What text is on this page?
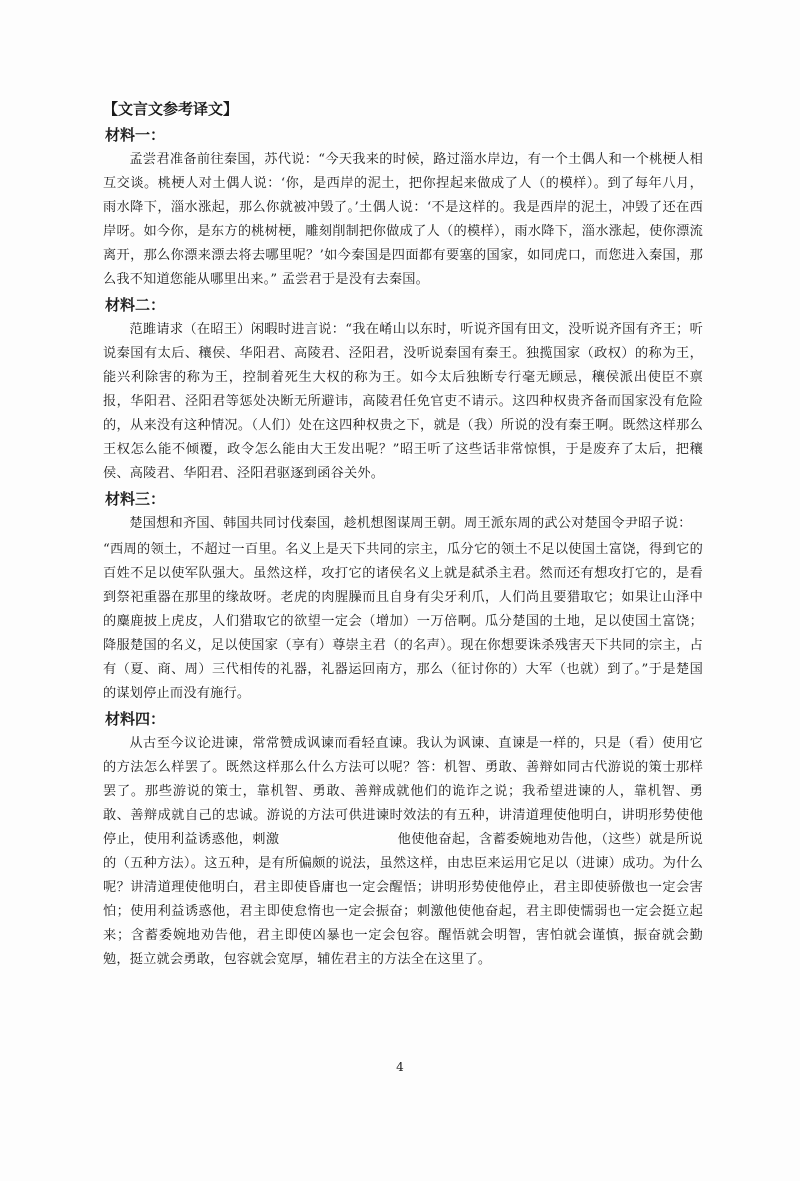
【文言文参考译文】
材料一：

孟尝君准备前往秦国，苏代说：“今天我来的时候，路过淄水岸边，有一个土偶人和一个桃梗人相互交谈。桃梗人对土偶人说：‘你，是西岸的泥土，把你捏起来做成了人（的模样）。到了每年八月，雨水降下，淄水涨起，那么你就被冲毁了。’土偶人说：‘不是这样的。我是西岸的泥土，冲毁了还在西岸呀。如今你，是东方的桃树梗，雕刻削制把你做成了人（的模样），雨水降下，淄水涨起，使你漂流离开，那么你漂来漂去将去哪里呢？’如今秦国是四面都有要塞的国家，如同虎口，而您进入秦国，那么我不知道您能从哪里出来。” 孟尝君于是没有去秦国。

材料二：

范雎请求（在昭王）闲暇时进言说：“我在崤山以东时，听说齐国有田文，没听说齐国有齐王；听说秦国有太后、穰侯、华阳君、高陵君、泾阳君，没听说秦国有秦王。独揽国家（政权）的称为王，能兴利除害的称为王，控制着死生大权的称为王。如今太后独断专行毫无顾忌，穰侯派出使臣不禀报，华阳君、泾阳君等惩处决断无所避讳，高陵君任免官吏不请示。这四种权贵齐备而国家没有危险的，从来没有这种情况。（人们）处在这四种权贵之下，就是（我）所说的没有秦王啊。既然这样那么王权怎么能不倾覆，政令怎么能由大王发出呢？”昭王听了这些话非常惊惧，于是废弃了太后，把穰侯、高陵君、华阳君、泾阳君驱逐到函谷关外。

材料三：

楚国想和齐国、韩国共同讨伐秦国，趁机想图谋周王朝。周王派东周的武公对楚国令尹昭子说：

“西周的领土，不超过一百里。名义上是天下共同的宗主，瓜分它的领土不足以使国土富饶，得到它的百姓不足以使军队强大。虽然这样，攻打它的诸侯名义上就是弑杀主君。然而还有想攻打它的，是看到祭祀重器在那里的缘故呀。老虎的肉腥臊而且自身有尖牙利爪，人们尚且要猎取它；如果让山泽中的麋鹿披上虎皮，人们猎取它的欲望一定会（增加）一万倍啊。瓜分楚国的土地，足以使国土富饶；降服楚国的名义，足以使国家（享有）尊崇主君（的名声）。现在你想要诛杀残害天下共同的宗主，占有（夏、商、周）三代相传的礼器，礼器运回南方，那么（征讨你的）大军（也就）到了。”于是楚国的谋划停止而没有施行。

材料四：

从古至今议论进谏，常常赞成讽谏而看轻直谏。我认为讽谏、直谏是一样的，只是（看）使用它的方法怎么样罢了。既然这样那么什么方法可以呢？答：机智、勇敢、善辩如同古代游说的策士那样罢了。那些游说的策士，靠机智、勇敢、善辩成就他们的诡诈之说；我希望进谏的人，靠机智、勇敢、善辩成就自己的忠诚。游说的方法可供进谏时效法的有五种，讲清道理使他明白，讲明形势使他停止，使用利益诱惑他，刺激	他使他奋起，含蓄委婉地劝告他，（这些）就是所说的（五种方法）。这五种，是有所偏颇的说法，虽然这样，由忠臣来运用它足以（进谏）成功。为什么呢？讲清道理使他明白，君主即使昏庸也一定会醒悟；讲明形势使他停止，君主即使骄傲也一定会害怕；使用利益诱惑他，君主即使怠惰也一定会振奋；刺激他使他奋起，君主即使懦弱也一定会挺立起来；含蓄委婉地劝告他，君主即使凶暴也一定会包容。醒悟就会明智，害怕就会谨慎，振奋就会勤勉，挺立就会勇敢，包容就会宽厚，辅佐君主的方法全在这里了。

4
